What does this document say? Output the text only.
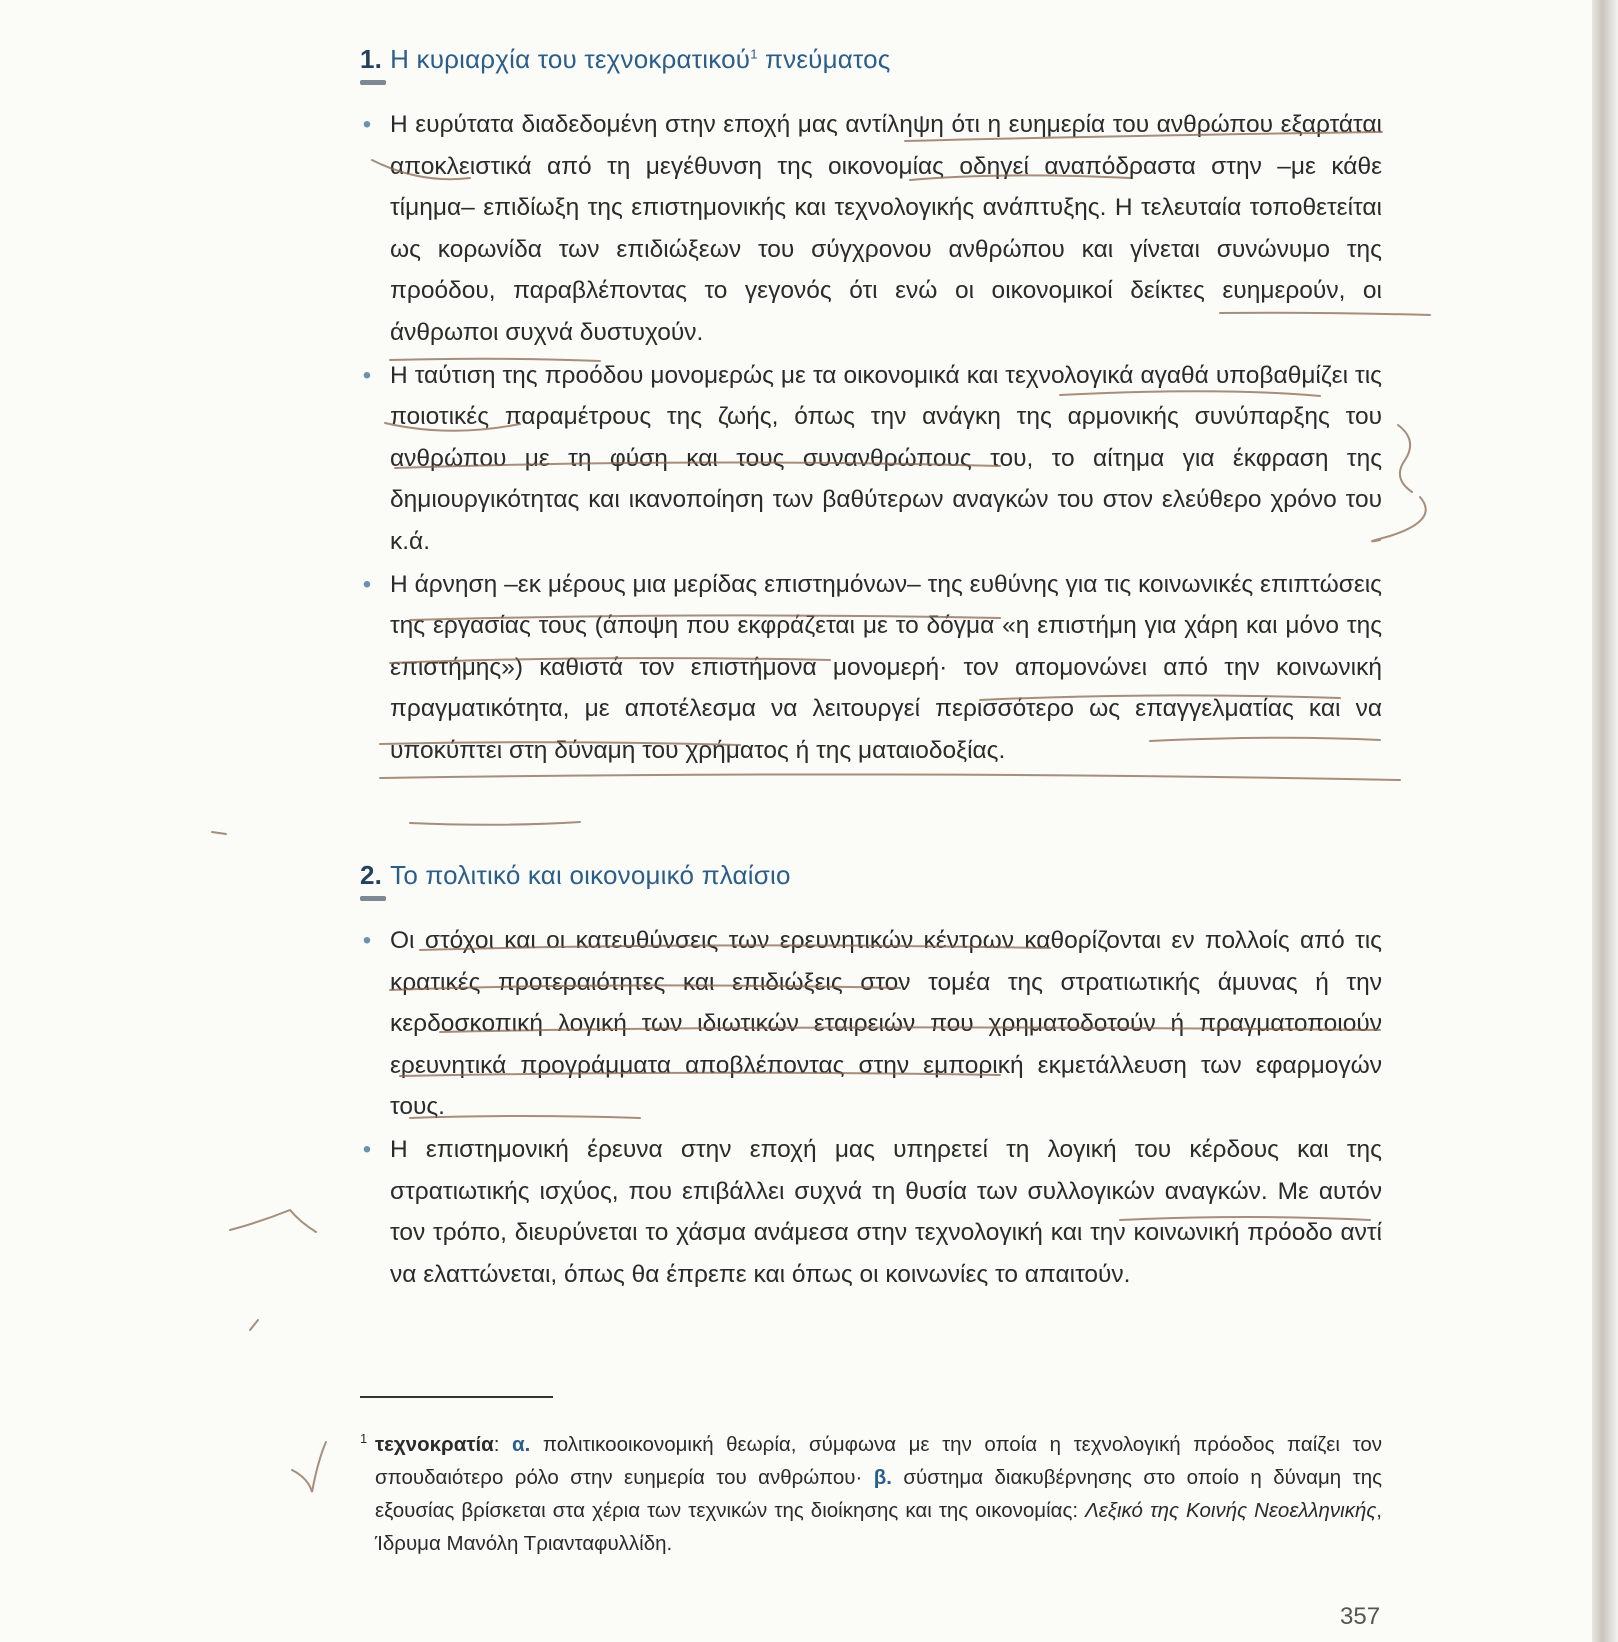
1. Η κυριαρχία του τεχνοκρατικού$^1$ πνεύματος
• Η ευρύτατα διαδεδομένη στην εποχή μας αντίληψη ότι η ευημερία του ανθρώπου εξαρτάται αποκλειστικά από τη μεγέθυνση της οικονομίας οδηγεί αναπόδραστα στην –με κάθε τίμημα– επιδίωξη της επιστημονικής και τεχνολογικής ανάπτυξης. Η τελευταία τοποθετείται ως κορωνίδα των επιδιώξεων του σύγχρονου ανθρώπου και γίνεται συνώνυμο της προόδου, παραβλέποντας το γεγονός ότι ενώ οι οικονομικοί δείκτες ευημερούν, οι άνθρωποι συχνά δυστυχούν.
• Η ταύτιση της προόδου μονομερώς με τα οικονομικά και τεχνολογικά αγαθά υποβαθμίζει τις ποιοτικές παραμέτρους της ζωής, όπως την ανάγκη της αρμονικής συνύπαρξης του ανθρώπου με τη φύση και τους συνανθρώπους του, το αίτημα για έκφραση της δημιουργικότητας και ικανοποίηση των βαθύτερων αναγκών του στον ελεύθερο χρόνο του κ.ά.
• Η άρνηση –εκ μέρους μια μερίδας επιστημόνων– της ευθύνης για τις κοινωνικές επιπτώσεις της εργασίας τους (άποψη που εκφράζεται με το δόγμα «η επιστήμη για χάρη και μόνο της επιστήμης») καθιστά τον επιστήμονα μονομερή· τον απομονώνει από την κοινωνική πραγματικότητα, με αποτέλεσμα να λειτουργεί περισσότερο ως επαγγελματίας και να υποκύπτει στη δύναμη του χρήματος ή της ματαιοδοξίας.
2. Το πολιτικό και οικονομικό πλαίσιο
• Οι στόχοι και οι κατευθύνσεις των ερευνητικών κέντρων καθορίζονται εν πολλοίς από τις κρατικές προτεραιότητες και επιδιώξεις στον τομέα της στρατιωτικής άμυνας ή την κερδοσκοπική λογική των ιδιωτικών εταιρειών που χρηματοδοτούν ή πραγματοποιούν ερευνητικά προγράμματα αποβλέποντας στην εμπορική εκμετάλλευση των εφαρμογών τους.
• Η επιστημονική έρευνα στην εποχή μας υπηρετεί τη λογική του κέρδους και της στρατιωτικής ισχύος, που επιβάλλει συχνά τη θυσία των συλλογικών αναγκών. Με αυτόν τον τρόπο, διευρύνεται το χάσμα ανάμεσα στην τεχνολογική και την κοινωνική πρόοδο αντί να ελαττώνεται, όπως θα έπρεπε και όπως οι κοινωνίες το απαιτούν.
1 τεχνοκρατία: α. πολιτικοοικονομική θεωρία, σύμφωνα με την οποία η τεχνολογική πρόοδος παίζει τον σπουδαιότερο ρόλο στην ευημερία του ανθρώπου· β. σύστημα διακυβέρνησης στο οποίο η δύναμη της εξουσίας βρίσκεται στα χέρια των τεχνικών της διοίκησης και της οικονομίας: Λεξικό της Κοινής Νεοελληνικής, Ίδρυμα Μανόλη Τριανταφυλλίδη.
357
